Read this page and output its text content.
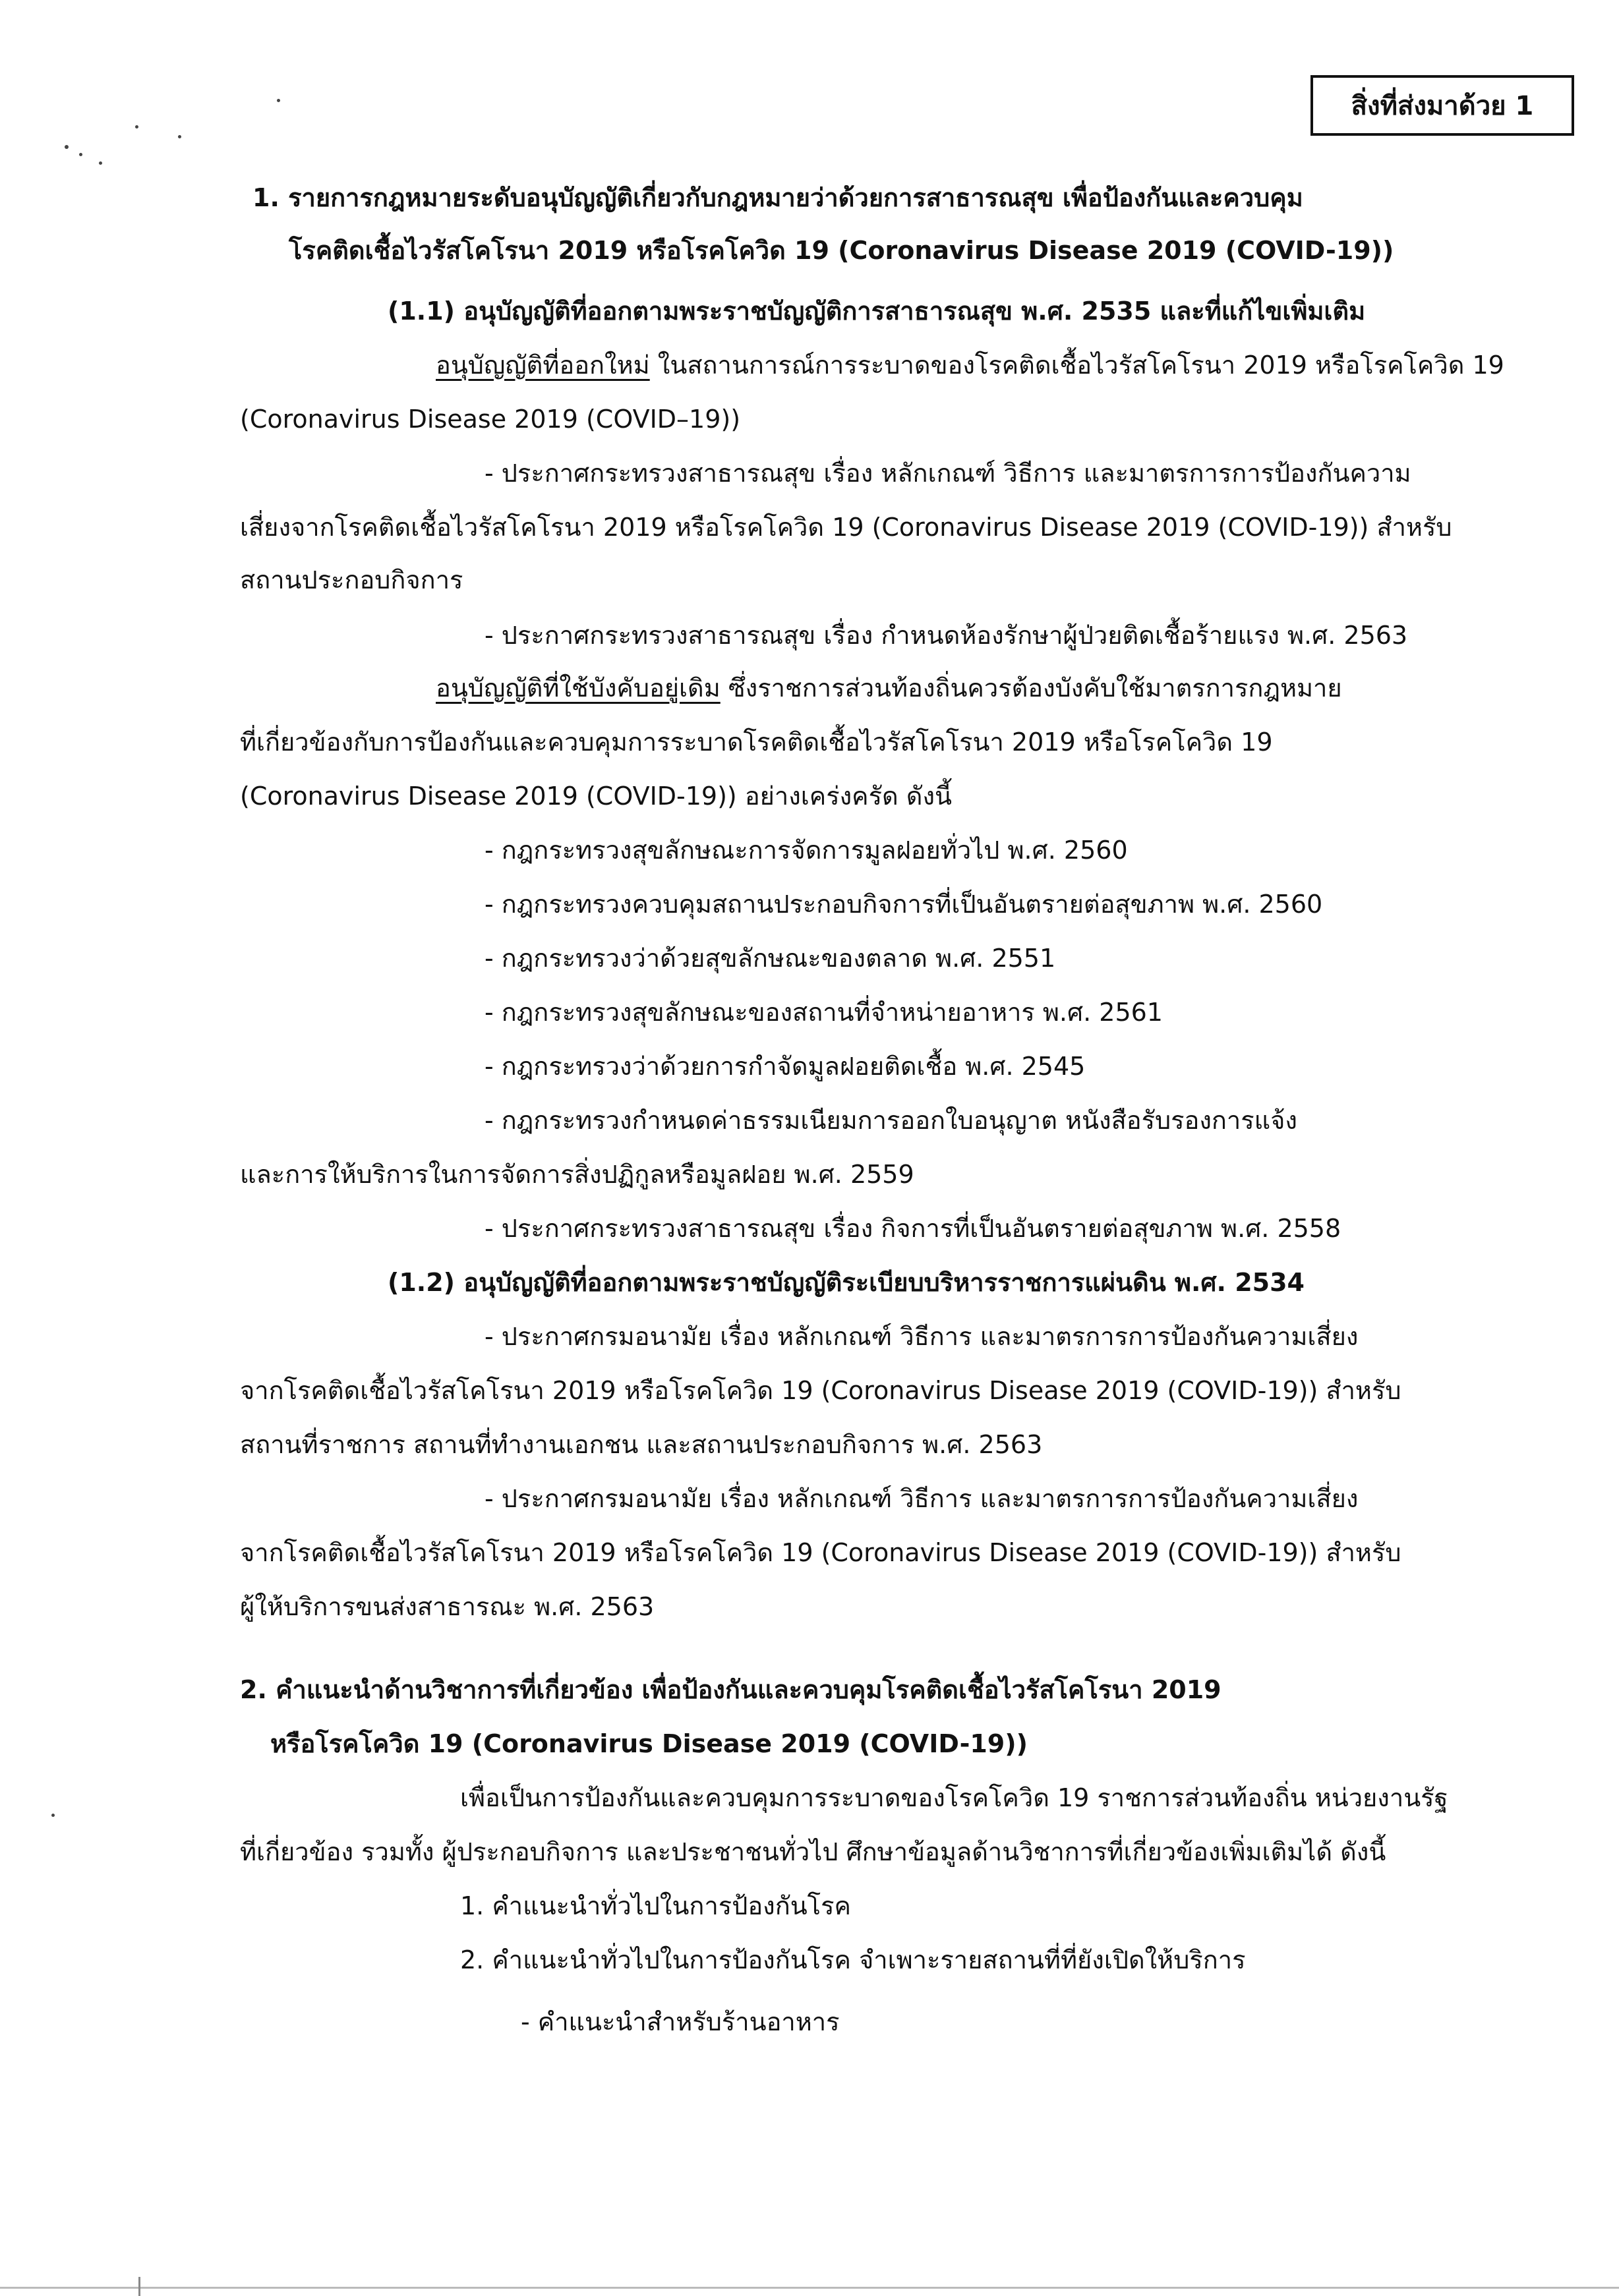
สิ่งที่ส่งมาด้วย 1
1. รายการกฎหมายระดับอนุบัญญัติเกี่ยวกับกฎหมายว่าด้วยการสาธารณสุข เพื่อป้องกันและควบคุม
โรคติดเชื้อไวรัสโคโรนา 2019 หรือโรคโควิด 19 (Coronavirus Disease 2019 (COVID-19))
(1.1) อนุบัญญัติที่ออกตามพระราชบัญญัติการสาธารณสุข พ.ศ. 2535 และที่แก้ไขเพิ่มเติม
อนุบัญญัติที่ออกใหม่ ในสถานการณ์การระบาดของโรคติดเชื้อไวรัสโคโรนา 2019 หรือโรคโควิด 19
(Coronavirus Disease 2019 (COVID–19))
- ประกาศกระทรวงสาธารณสุข เรื่อง หลักเกณฑ์ วิธีการ และมาตรการการป้องกันความ
เสี่ยงจากโรคติดเชื้อไวรัสโคโรนา 2019 หรือโรคโควิด 19 (Coronavirus Disease 2019 (COVID-19)) สำหรับ
สถานประกอบกิจการ
- ประกาศกระทรวงสาธารณสุข เรื่อง กำหนดห้องรักษาผู้ป่วยติดเชื้อร้ายแรง พ.ศ. 2563
อนุบัญญัติที่ใช้บังคับอยู่เดิม ซึ่งราชการส่วนท้องถิ่นควรต้องบังคับใช้มาตรการกฎหมาย
ที่เกี่ยวข้องกับการป้องกันและควบคุมการระบาดโรคติดเชื้อไวรัสโคโรนา 2019 หรือโรคโควิด 19
(Coronavirus Disease 2019 (COVID-19)) อย่างเคร่งครัด ดังนี้
- กฎกระทรวงสุขลักษณะการจัดการมูลฝอยทั่วไป พ.ศ. 2560
- กฎกระทรวงควบคุมสถานประกอบกิจการที่เป็นอันตรายต่อสุขภาพ พ.ศ. 2560
- กฎกระทรวงว่าด้วยสุขลักษณะของตลาด พ.ศ. 2551
- กฎกระทรวงสุขลักษณะของสถานที่จำหน่ายอาหาร พ.ศ. 2561
- กฎกระทรวงว่าด้วยการกำจัดมูลฝอยติดเชื้อ พ.ศ. 2545
- กฎกระทรวงกำหนดค่าธรรมเนียมการออกใบอนุญาต หนังสือรับรองการแจ้ง
และการให้บริการในการจัดการสิ่งปฏิกูลหรือมูลฝอย พ.ศ. 2559
- ประกาศกระทรวงสาธารณสุข เรื่อง กิจการที่เป็นอันตรายต่อสุขภาพ พ.ศ. 2558
(1.2) อนุบัญญัติที่ออกตามพระราชบัญญัติระเบียบบริหารราชการแผ่นดิน พ.ศ. 2534
- ประกาศกรมอนามัย เรื่อง หลักเกณฑ์ วิธีการ และมาตรการการป้องกันความเสี่ยง
จากโรคติดเชื้อไวรัสโคโรนา 2019 หรือโรคโควิด 19 (Coronavirus Disease 2019 (COVID-19)) สำหรับ
สถานที่ราชการ สถานที่ทำงานเอกชน และสถานประกอบกิจการ พ.ศ. 2563
- ประกาศกรมอนามัย เรื่อง หลักเกณฑ์ วิธีการ และมาตรการการป้องกันความเสี่ยง
จากโรคติดเชื้อไวรัสโคโรนา 2019 หรือโรคโควิด 19 (Coronavirus Disease 2019 (COVID-19)) สำหรับ
ผู้ให้บริการขนส่งสาธารณะ พ.ศ. 2563
2. คำแนะนำด้านวิชาการที่เกี่ยวข้อง เพื่อป้องกันและควบคุมโรคติดเชื้อไวรัสโคโรนา 2019
หรือโรคโควิด 19 (Coronavirus Disease 2019 (COVID-19))
เพื่อเป็นการป้องกันและควบคุมการระบาดของโรคโควิด 19 ราชการส่วนท้องถิ่น หน่วยงานรัฐ
ที่เกี่ยวข้อง รวมทั้ง ผู้ประกอบกิจการ และประชาชนทั่วไป ศึกษาข้อมูลด้านวิชาการที่เกี่ยวข้องเพิ่มเติมได้ ดังนี้
1. คำแนะนำทั่วไปในการป้องกันโรค
2. คำแนะนำทั่วไปในการป้องกันโรค จำเพาะรายสถานที่ที่ยังเปิดให้บริการ
- คำแนะนำสำหรับร้านอาหาร
